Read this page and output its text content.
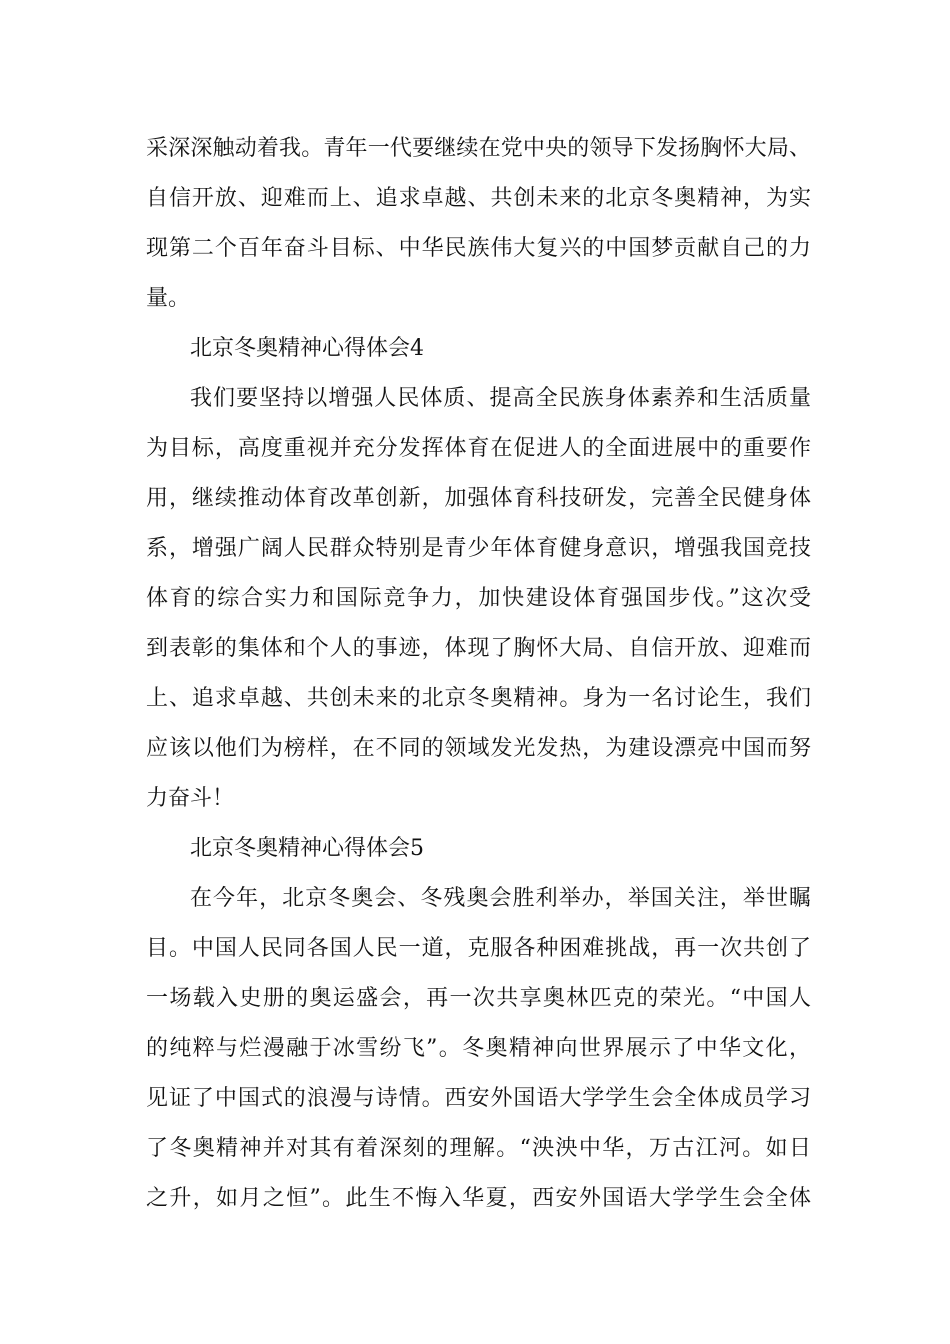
采深深触动着我。青年一代要继续在党中央的领导下发扬胸怀大局、
自信开放、迎难而上、追求卓越、共创未来的北京冬奥精神，为实
现第二个百年奋斗目标、中华民族伟大复兴的中国梦贡献自己的力
量。
北京冬奥精神心得体会4
我们要坚持以增强人民体质、提高全民族身体素养和生活质量
为目标，高度重视并充分发挥体育在促进人的全面进展中的重要作
用，继续推动体育改革创新，加强体育科技研发，完善全民健身体
系，增强广阔人民群众特别是青少年体育健身意识，增强我国竞技
体育的综合实力和国际竞争力，加快建设体育强国步伐。”这次受
到表彰的集体和个人的事迹，体现了胸怀大局、自信开放、迎难而
上、追求卓越、共创未来的北京冬奥精神。身为一名讨论生，我们
应该以他们为榜样，在不同的领域发光发热，为建设漂亮中国而努
力奋斗！
北京冬奥精神心得体会5
在今年，北京冬奥会、冬残奥会胜利举办，举国关注，举世瞩
目。中国人民同各国人民一道，克服各种困难挑战，再一次共创了
一场载入史册的奥运盛会，再一次共享奥林匹克的荣光。“中国人
的纯粹与烂漫融于冰雪纷飞”。冬奥精神向世界展示了中华文化，
见证了中国式的浪漫与诗情。西安外国语大学学生会全体成员学习
了冬奥精神并对其有着深刻的理解。“泱泱中华，万古江河。如日
之升，如月之恒”。此生不悔入华夏，西安外国语大学学生会全体
